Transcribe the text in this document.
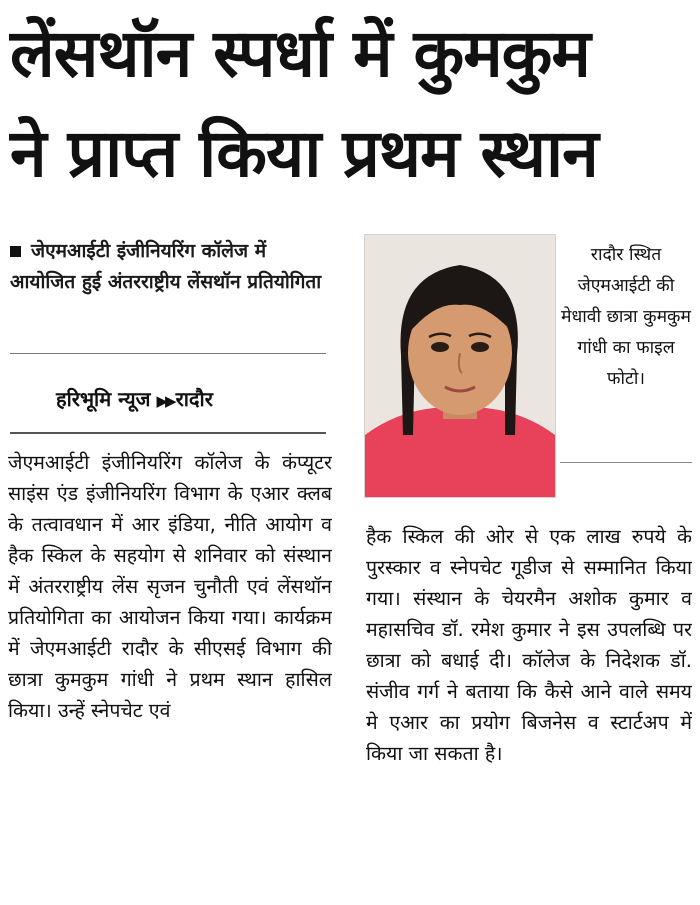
लेंसथॉन स्पर्धा में कुमकुम
ने प्राप्त किया प्रथम स्थान
जेएमआईटी इंजीनियरिंग कॉलेज में आयोजित हुई अंतरराष्ट्रीय लेंसथॉन प्रतियोगिता
हरिभूमि न्यूज ▶▶ रादौर
जेएमआईटी इंजीनियरिंग कॉलेज के कंप्यूटर साइंस एंड इंजीनियरिंग विभाग के एआर क्लब के तत्वावधान में आर इंडिया, नीति आयोग व हैक स्किल के सहयोग से शनिवार को संस्थान में अंतरराष्ट्रीय लेंस सृजन चुनौती एवं लेंसथॉन प्रतियोगिता का आयोजन किया गया। कार्यक्रम में जेएमआईटी रादौर के सीएसई विभाग की छात्रा कुमकुम गांधी ने प्रथम स्थान हासिल किया। उन्हें स्नेपचेट एवं
रादौर स्थित जेएमआईटी की मेधावी छात्रा कुमकुम गांधी का फाइल फोटो।
हैक स्किल की ओर से एक लाख रुपये के पुरस्कार व स्नेपचेट गूडीज से सम्मानित किया गया। संस्थान के चेयरमैन अशोक कुमार व महासचिव डॉ. रमेश कुमार ने इस उपलब्धि पर छात्रा को बधाई दी। कॉलेज के निदेशक डॉ. संजीव गर्ग ने बताया कि कैसे आने वाले समय मे एआर का प्रयोग बिजनेस व स्टार्टअप में किया जा सकता है।
